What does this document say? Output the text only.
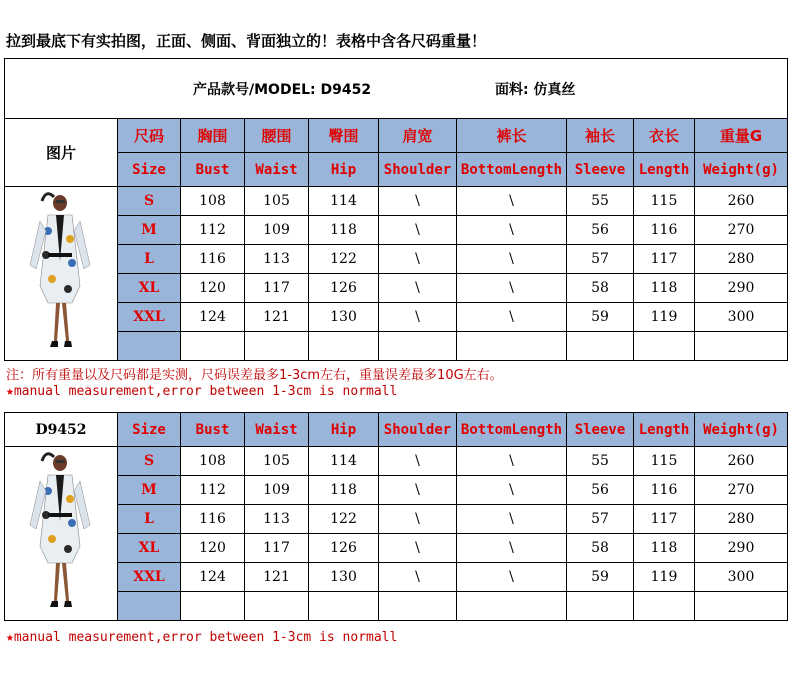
拉到最底下有实拍图，正面、侧面、背面独立的！表格中含各尺码重量！
产品款号/MODEL: D9452 面料: 仿真丝									

图片	尺码	胸围	腰围	臀围	肩宽	裤长	袖长	衣长	重量G
	Size	Bust	Waist	Hip	Shoulder	BottomLength	Sleeve	Length	Weight(g)

	S	108	105	114	\	\	55	115	260
	M	112	109	118	\	\	56	116	270
	L	116	113	122	\	\	57	117	280
	XL	120	117	126	\	\	58	118	290
	XXL	124	121	130	\	\	59	119	300

注：所有重量以及尺码都是实测，尺码误差最多1-3cm左右，重量误差最多10G左右。
★manual measurement,error between 1-3cm is normall
D9452	Size	Bust	Waist	Hip	Shoulder	BottomLength	Sleeve	Length	Weight(g)

	S	108	105	114	\	\	55	115	260
	M	112	109	118	\	\	56	116	270
	L	116	113	122	\	\	57	117	280
	XL	120	117	126	\	\	58	118	290
	XXL	124	121	130	\	\	59	119	300

★manual measurement,error between 1-3cm is normall
